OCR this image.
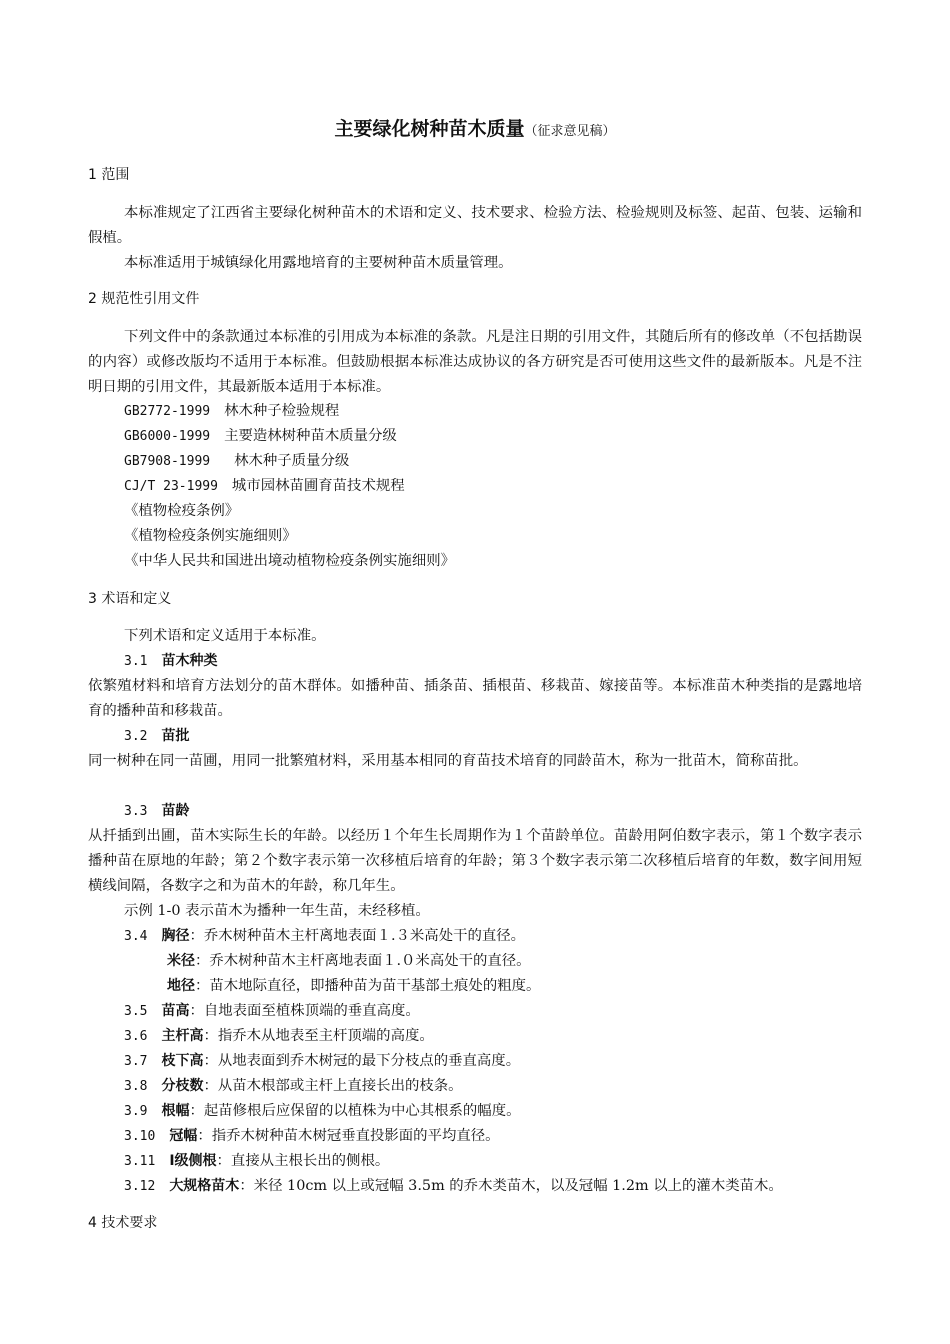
主要绿化树种苗木质量（征求意见稿）
1 范围
本标准规定了江西省主要绿化树种苗木的术语和定义、技术要求、检验方法、检验规则及标签、起苗、包装、运输和假植。
本标准适用于城镇绿化用露地培育的主要树种苗木质量管理。
2 规范性引用文件
下列文件中的条款通过本标准的引用成为本标准的条款。凡是注日期的引用文件，其随后所有的修改单（不包括勘误的内容）或修改版均不适用于本标准。但鼓励根据本标准达成协议的各方研究是否可使用这些文件的最新版本。凡是不注明日期的引用文件，其最新版本适用于本标准。
GB2772-1999 林木种子检验规程
GB6000-1999 主要造林树种苗木质量分级
GB7908-1999 林木种子质量分级
CJ/T 23-1999 城市园林苗圃育苗技术规程
《植物检疫条例》
《植物检疫条例实施细则》
《中华人民共和国进出境动植物检疫条例实施细则》
3 术语和定义
下列术语和定义适用于本标准。
3.1 苗木种类
依繁殖材料和培育方法划分的苗木群体。如播种苗、插条苗、插根苗、移栽苗、嫁接苗等。本标准苗木种类指的是露地培育的播种苗和移栽苗。
3.2 苗批
同一树种在同一苗圃，用同一批繁殖材料，采用基本相同的育苗技术培育的同龄苗木，称为一批苗木，简称苗批。
3.3 苗龄
从扦插到出圃，苗木实际生长的年龄。以经历１个年生长周期作为１个苗龄单位。苗龄用阿伯数字表示，第１个数字表示播种苗在原地的年龄；第２个数字表示第一次移植后培育的年龄；第３个数字表示第二次移植后培育的年数，数字间用短横线间隔，各数字之和为苗木的年龄，称几年生。
示例 1-0 表示苗木为播种一年生苗，未经移植。
3.4 胸径：乔木树种苗木主杆离地表面１.３米高处干的直径。
米径：乔木树种苗木主杆离地表面１.０米高处干的直径。
地径：苗木地际直径，即播种苗为苗干基部土痕处的粗度。
3.5 苗高：自地表面至植株顶端的垂直高度。
3.6 主杆高：指乔木从地表至主杆顶端的高度。
3.7 枝下高：从地表面到乔木树冠的最下分枝点的垂直高度。
3.8 分枝数：从苗木根部或主杆上直接长出的枝条。
3.9 根幅：起苗修根后应保留的以植株为中心其根系的幅度。
3.10 冠幅：指乔木树种苗木树冠垂直投影面的平均直径。
3.11 Ⅰ级侧根：直接从主根长出的侧根。
3.12 大规格苗木：米径 10cm 以上或冠幅 3.5m 的乔木类苗木，以及冠幅 1.2m 以上的灌木类苗木。
4 技术要求
